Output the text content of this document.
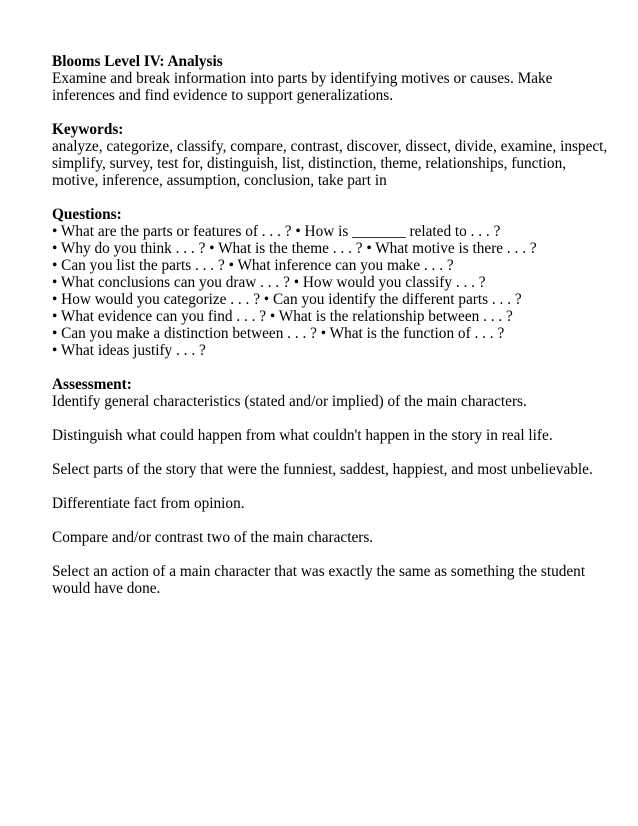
Blooms Level IV: Analysis

Examine and break information into parts by identifying motives or causes. Make inferences and find evidence to support generalizations.

Keywords:

analyze, categorize, classify, compare, contrast, discover, dissect, divide, examine, inspect, simplify, survey, test for, distinguish, list, distinction, theme, relationships, function, motive, inference, assumption, conclusion, take part in

Questions:

• What are the parts or features of . . . ? • How is _______ related to . . . ?
• Why do you think . . . ? • What is the theme . . . ? • What motive is there . . . ?
• Can you list the parts . . . ? • What inference can you make . . . ?
• What conclusions can you draw . . . ? • How would you classify . . . ?
• How would you categorize . . . ? • Can you identify the different parts . . . ?
• What evidence can you find . . . ? • What is the relationship between . . . ?
• Can you make a distinction between . . . ? • What is the function of . . . ?
• What ideas justify . . . ?

Assessment:

Identify general characteristics (stated and/or implied) of the main characters.

Distinguish what could happen from what couldn't happen in the story in real life.

Select parts of the story that were the funniest, saddest, happiest, and most unbelievable.

Differentiate fact from opinion.

Compare and/or contrast two of the main characters.

Select an action of a main character that was exactly the same as something the student would have done.
